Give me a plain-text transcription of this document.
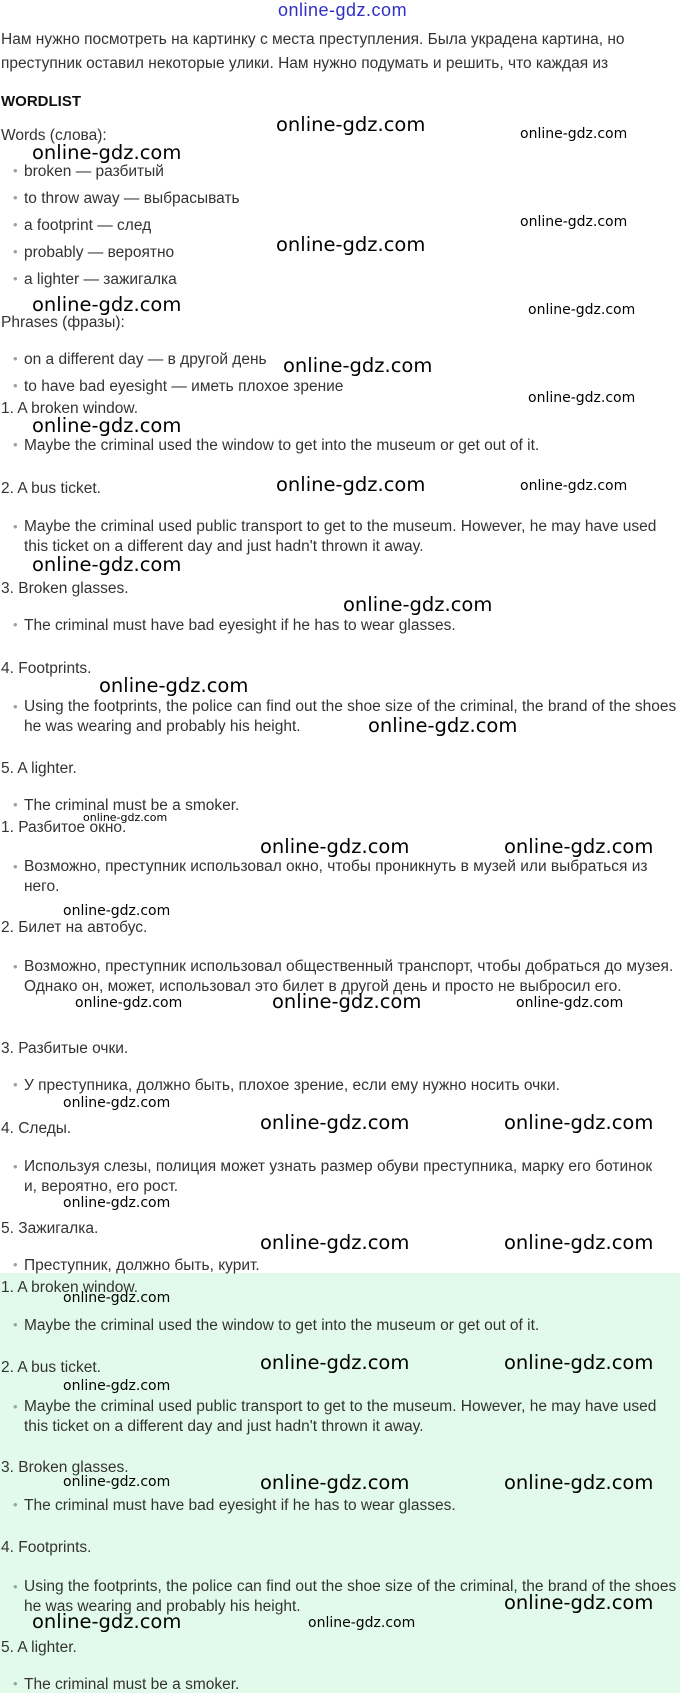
online-gdz.com
Нам нужно посмотреть на картинку с места преступления. Была украдена картина, но преступник оставил некоторые улики. Нам нужно подумать и решить, что каждая из
WORDLIST
Words (слова):
• broken — разбитый
• to throw away — выбрасывать
• a footprint — след
• probably — вероятно
• a lighter — зажигалка
Phrases (фразы):
• on a different day — в другой день
• to have bad eyesight — иметь плохое зрение
1. A broken window.
• Maybe the criminal used the window to get into the museum or get out of it.
2. A bus ticket.
• Maybe the criminal used public transport to get to the museum. However, he may have used this ticket on a different day and just hadn't thrown it away.
3. Broken glasses.
• The criminal must have bad eyesight if he has to wear glasses.
4. Footprints.
• Using the footprints, the police can find out the shoe size of the criminal, the brand of the shoes he was wearing and probably his height.
5. A lighter.
• The criminal must be a smoker.
1. Разбитое окно.
• Возможно, преступник использовал окно, чтобы проникнуть в музей или выбраться из него.
2. Билет на автобус.
• Возможно, преступник использовал общественный транспорт, чтобы добраться до музея. Однако он, может, использовал это билет в другой день и просто не выбросил его.
3. Разбитые очки.
• У преступника, должно быть, плохое зрение, если ему нужно носить очки.
4. Следы.
• Используя слезы, полиция может узнать размер обуви преступника, марку его ботинок и, вероятно, его рост.
5. Зажигалка.
• Преступник, должно быть, курит.
1. A broken window.
• Maybe the criminal used the window to get into the museum or get out of it.
2. A bus ticket.
• Maybe the criminal used public transport to get to the museum. However, he may have used this ticket on a different day and just hadn't thrown it away.
3. Broken glasses.
• The criminal must have bad eyesight if he has to wear glasses.
4. Footprints.
• Using the footprints, the police can find out the shoe size of the criminal, the brand of the shoes he was wearing and probably his height.
5. A lighter.
• The criminal must be a smoker.
online-gdz.com	online-gdz.com
online-gdz.com
online-gdz.com
online-gdz.com
online-gdz.com	online-gdz.com
online-gdz.com
online-gdz.com
online-gdz.com
online-gdz.com	online-gdz.com
online-gdz.com
online-gdz.com
online-gdz.com
online-gdz.com
online-gdz.com
online-gdz.com	online-gdz.com
online-gdz.com
online-gdz.com	online-gdz.com	online-gdz.com
online-gdz.com
online-gdz.com	online-gdz.com
online-gdz.com
online-gdz.com	online-gdz.com
online-gdz.com
online-gdz.com	online-gdz.com
online-gdz.com
online-gdz.com	online-gdz.com	online-gdz.com
online-gdz.com
online-gdz.com	online-gdz.com
